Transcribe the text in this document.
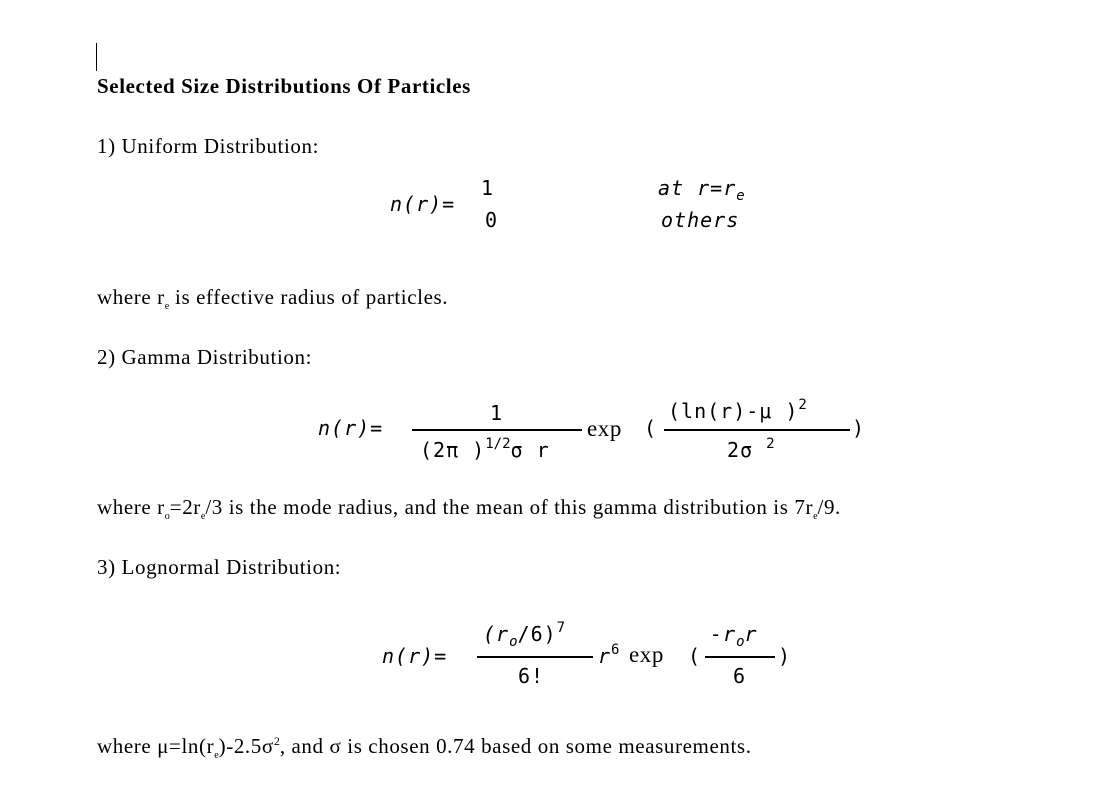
Selected Size Distributions Of Particles
1) Uniform Distribution:
n(r)=
1
0
at $r=r_e$
others
where $r_e$ is effective radius of particles.
2) Gamma Distribution:
n(r)=
1
(2π )$^{1/2}$σ r
exp (
(ln(r)-μ )$^2$
2σ $^2$
)
where $r_o=2r_e/3$ is the mode radius, and the mean of this gamma distribution is $7r_e/9$.
3) Lognormal Distribution:
n(r)=
$(r_o/6)^7$
6!
$r^6$ exp (
$-r_or$
6
)
where $\mu=\ln(r_e)-2.5\sigma^2$, and σ is chosen 0.74 based on some measurements.
